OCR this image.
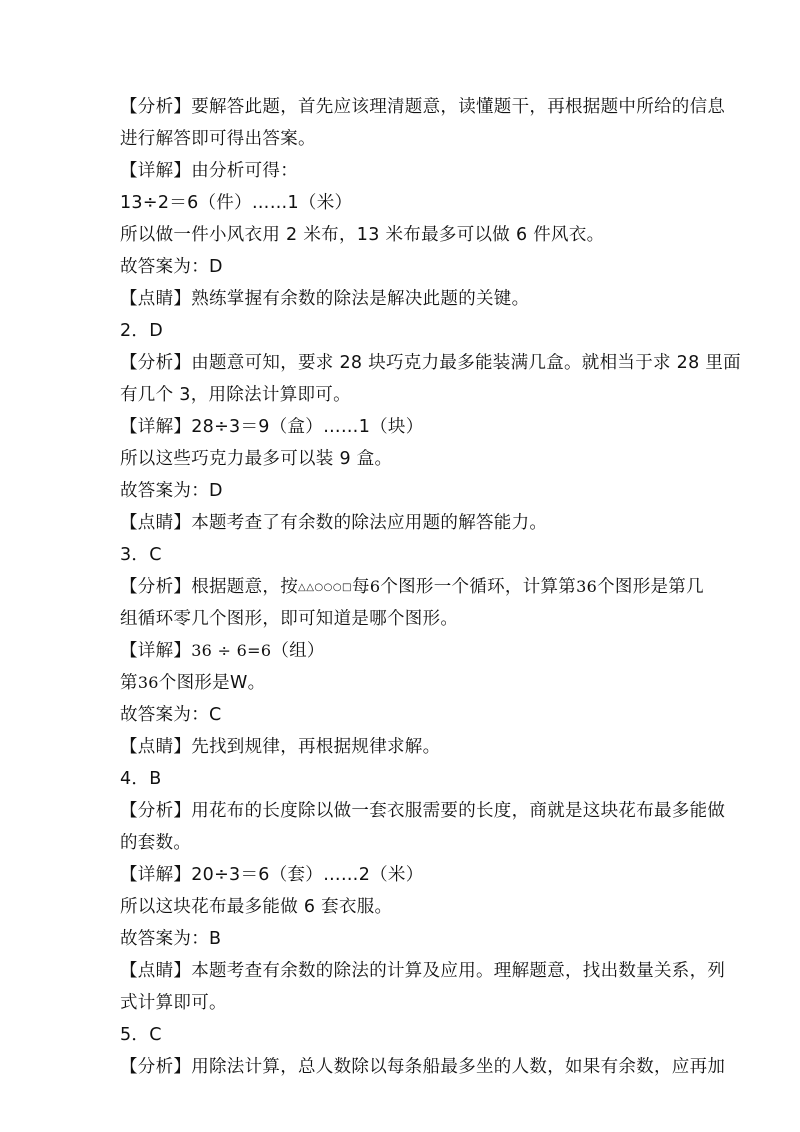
【分析】要解答此题，首先应该理清题意，读懂题干，再根据题中所给的信息
进行解答即可得出答案。
【详解】由分析可得：
13÷2＝6（件）……1（米）
所以做一件小风衣用 2 米布，13 米布最多可以做 6 件风衣。
故答案为：D
【点睛】熟练掌握有余数的除法是解决此题的关键。
2．D
【分析】由题意可知，要求 28 块巧克力最多能装满几盒。就相当于求 28 里面
有几个 3，用除法计算即可。
【详解】28÷3＝9（盒）……1（块）
所以这些巧克力最多可以装 9 盒。
故答案为：D
【点睛】本题考查了有余数的除法应用题的解答能力。
3．C
【分析】根据题意，按△△○○○□每6个图形一个循环，计算第36个图形是第几
组循环零几个图形，即可知道是哪个图形。
【详解】36 ÷ 6=6（组）
第36个图形是W。
故答案为：C
【点睛】先找到规律，再根据规律求解。
4．B
【分析】用花布的长度除以做一套衣服需要的长度，商就是这块花布最多能做
的套数。
【详解】20÷3＝6（套）……2（米）
所以这块花布最多能做 6 套衣服。
故答案为：B
【点睛】本题考查有余数的除法的计算及应用。理解题意，找出数量关系，列
式计算即可。
5．C
【分析】用除法计算，总人数除以每条船最多坐的人数，如果有余数，应再加
